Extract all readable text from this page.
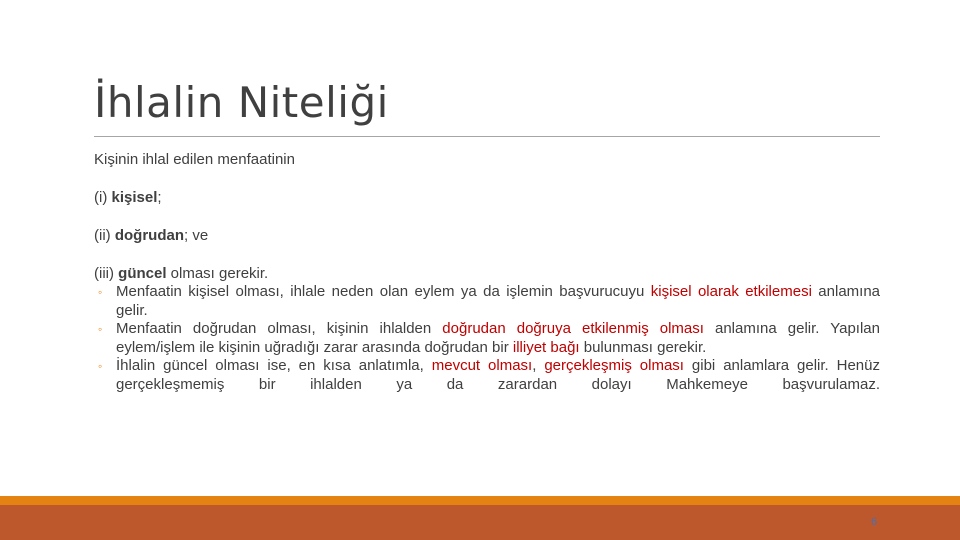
İhlalin Niteliği

Kişinin ihlal edilen menfaatinin

(i) kişisel;

(ii) doğrudan; ve

(iii) güncel olması gerekir.

◦ Menfaatin kişisel olması, ihlale neden olan eylem ya da işlemin başvurucuyu kişisel olarak etkilemesi anlamına gelir.
◦ Menfaatin doğrudan olması, kişinin ihlalden doğrudan doğruya etkilenmiş olması anlamına gelir. Yapılan eylem/işlem ile kişinin uğradığı zarar arasında doğrudan bir illiyet bağı bulunması gerekir.
◦ İhlalin güncel olması ise, en kısa anlatımla, mevcut olması, gerçekleşmiş olması gibi anlamlara gelir. Henüz gerçekleşmemiş bir ihlalden ya da zarardan dolayı Mahkemeye başvurulamaz.
6
